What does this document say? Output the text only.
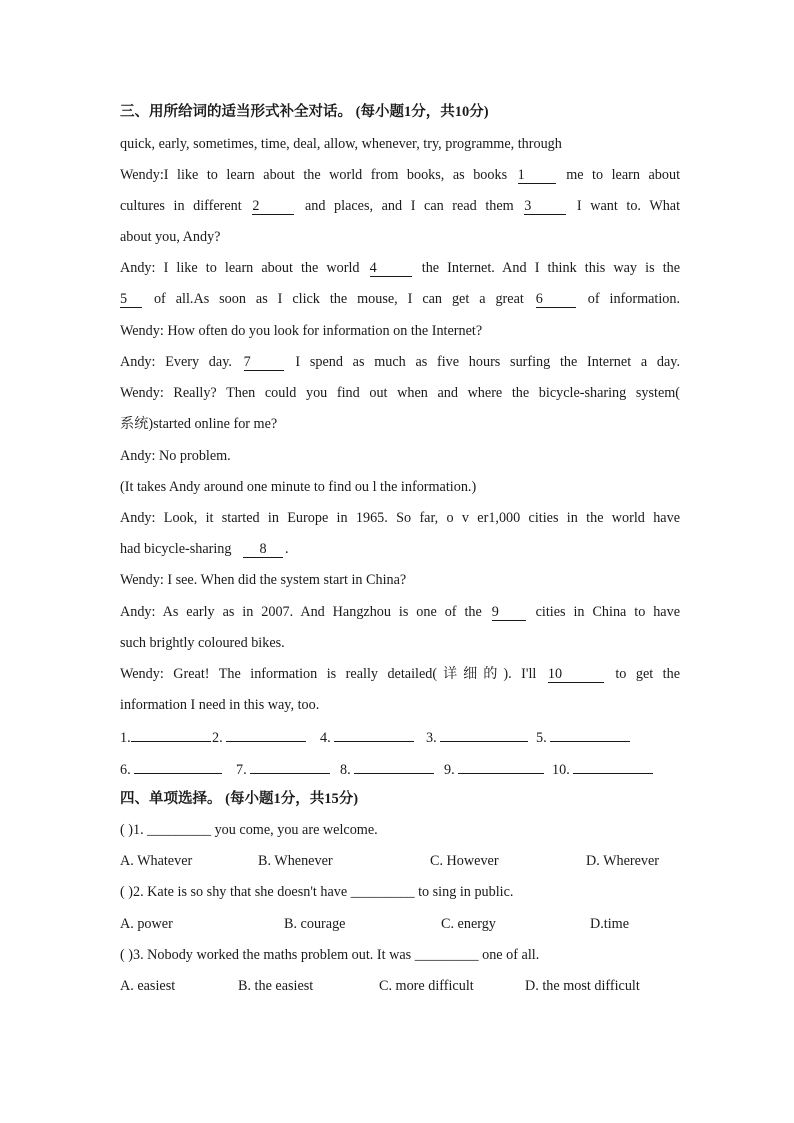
三、用所给词的适当形式补全对话。 (每小题1分，共10分)
quick, early, sometimes, time, deal, allow, whenever, try, programme, through
Wendy:I like to learn about the world from books, as books 1	me to learn about
cultures in different 2	and places, and I can read them 3	I want to. What
about you, Andy?
Andy: I like to learn about the world 4	the Internet. And I think this way is the
5 of all.As soon as I click the mouse, I can get a great 6	of information.
Wendy: How often do you look for information on the Internet?
Andy: Every day. 7	I spend as much as five hours surfing the Internet a day.
Wendy: Really? Then could you find out when and where the bicycle-sharing system(
系统)started online for me?
Andy: No problem.
(It takes Andy around one minute to find ou l the information.)
Andy: Look, it started in Europe in 1965. So far, o v er1,000 cities in the world have
had bicycle-sharing 8 .
Wendy: I see. When did the system start in China?
Andy: As early as in 2007. And Hangzhou is one of the 9	cities in China to have
such brightly coloured bikes.
Wendy: Great! The information is really detailed(详细的). I'll 10	to get the
information I need in this way, too.
1.	2.	4.	3.	5.
6.	7.	8.	9.	10.
四、单项选择。 (每小题1分，共15分)
( )1. _________ you come, you are welcome.
A. Whatever	B. Whenever	C. However	D. Wherever
( )2. Kate is so shy that she doesn't have _________ to sing in public.
A. power	B. courage	C. energy	D.time
( )3. Nobody worked the maths problem out. It was _________ one of all.
A. easiest	B. the easiest	C. more difficult	D. the most difficult
